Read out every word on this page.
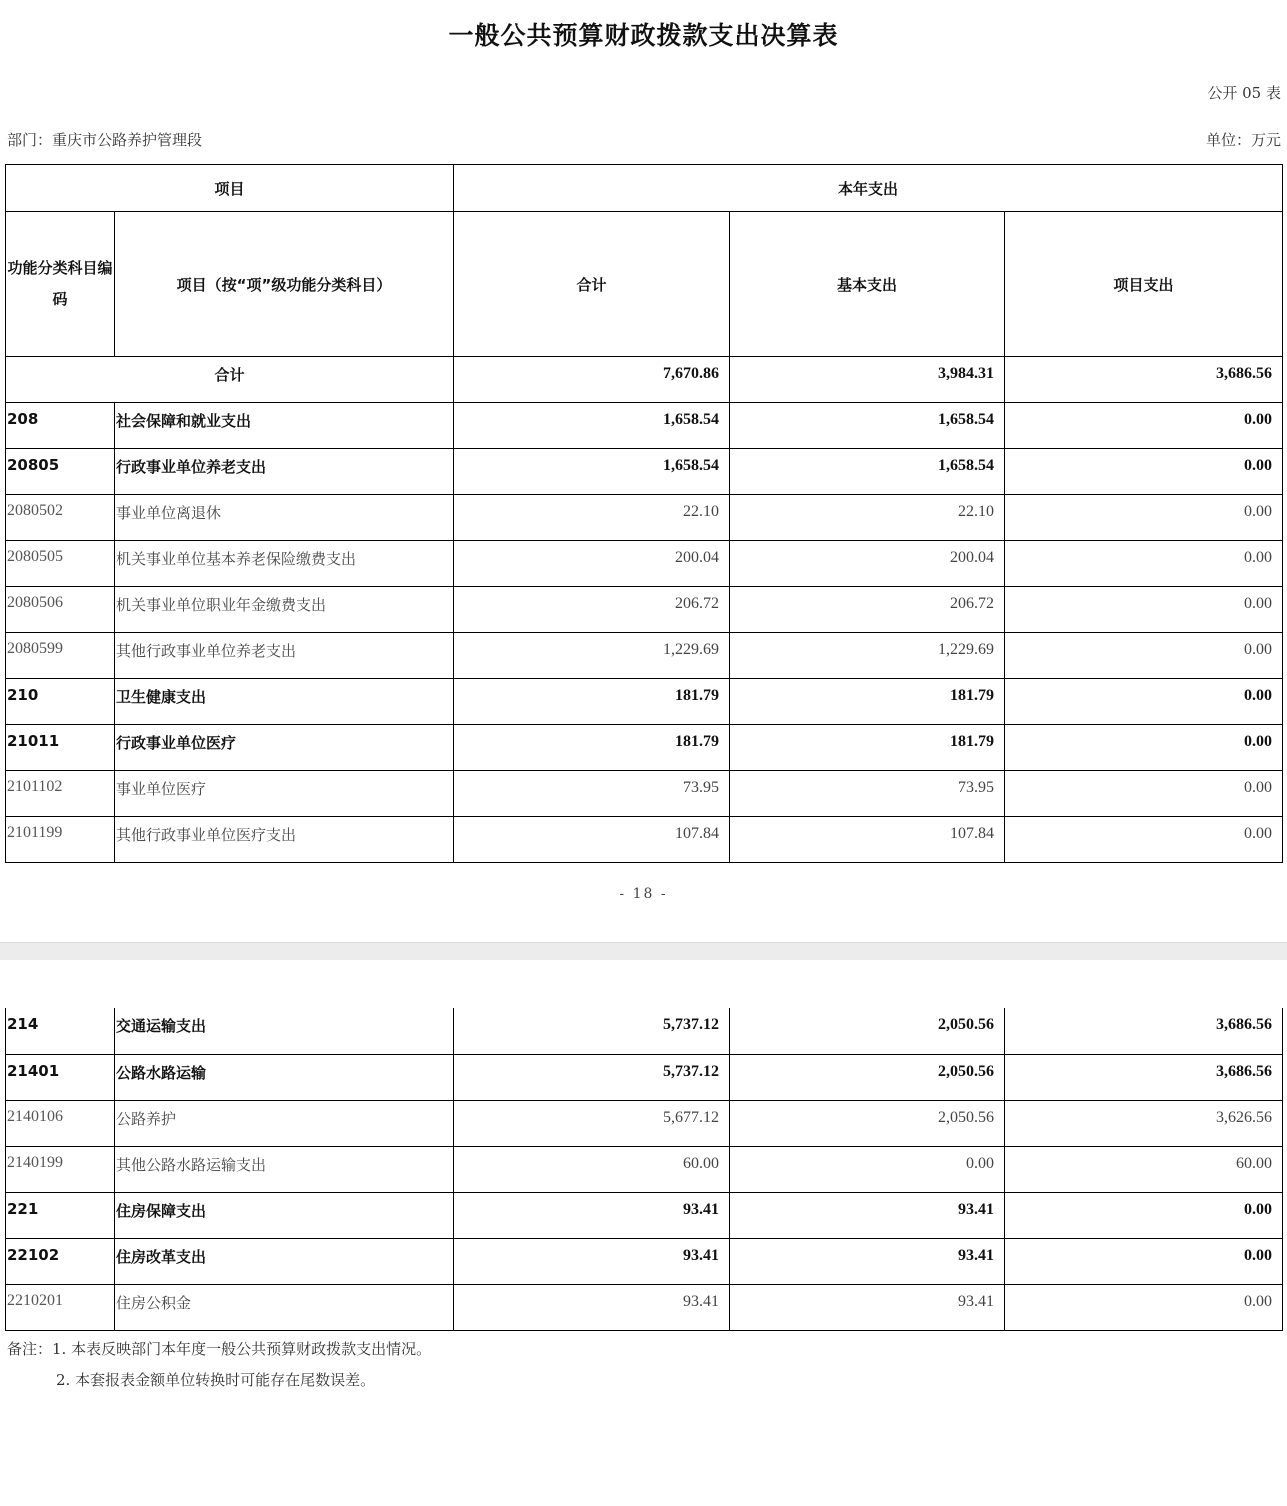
一般公共预算财政拨款支出决算表
公开 05 表
部门：重庆市公路养护管理段	单位：万元
项目		本年支出		
功能分类科目编码	项目（按“项”级功能分类科目）	合计	基本支出	项目支出
合计		7,670.86	3,984.31	3,686.56
208	社会保障和就业支出	1,658.54	1,658.54	0.00
20805	行政事业单位养老支出	1,658.54	1,658.54	0.00
2080502	事业单位离退休	22.10	22.10	0.00
2080505	机关事业单位基本养老保险缴费支出	200.04	200.04	0.00
2080506	机关事业单位职业年金缴费支出	206.72	206.72	0.00
2080599	其他行政事业单位养老支出	1,229.69	1,229.69	0.00
210	卫生健康支出	181.79	181.79	0.00
21011	行政事业单位医疗	181.79	181.79	0.00
2101102	事业单位医疗	73.95	73.95	0.00
2101199	其他行政事业单位医疗支出	107.84	107.84	0.00
- 18 -
214	交通运输支出	5,737.12	2,050.56	3,686.56
21401	公路水路运输	5,737.12	2,050.56	3,686.56
2140106	公路养护	5,677.12	2,050.56	3,626.56
2140199	其他公路水路运输支出	60.00	0.00	60.00
221	住房保障支出	93.41	93.41	0.00
22102	住房改革支出	93.41	93.41	0.00
2210201	住房公积金	93.41	93.41	0.00
备注：1. 本表反映部门本年度一般公共预算财政拨款支出情况。
2. 本套报表金额单位转换时可能存在尾数误差。
